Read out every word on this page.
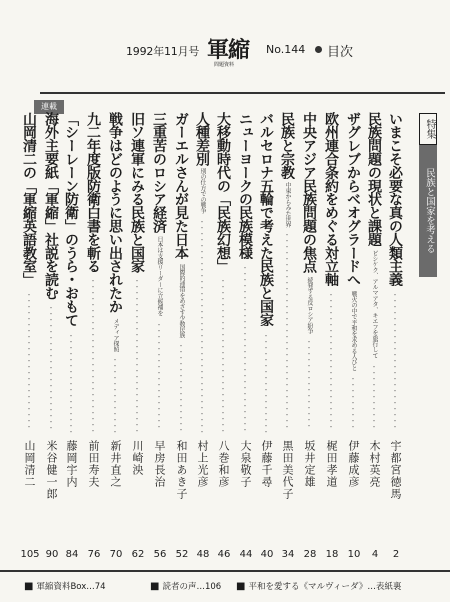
1992年11月号 軍縮
問題資料
No.144 目次
特集
民族と国家を考える
連載
いまこそ必要な真の人類主義
・・・・・・・・・・・・・・・・・・・・・・・
宇都宮徳馬
2
民族問題の現状と課題
ビシケク、アルマアタ、キエフを旅行して
・・・・・・・・・・・
木村英亮
4
ザグレブからベオグラードへ
戦火の中で平和を求める人びと
・・・・・・・・・
伊藤成彦
10
欧州連合条約をめぐる対立軸
・・・・・・・・・・・・・・・・・・・・・・・
梶田孝道
18
中央アジア民族問題の焦点
続発する反ロシア紛争
・・・・・・・・・・・・・・・
坂井定雄
28
民族と宗教
中東からみた世界
・・・・・・・・・・・・・・・・・・・・・・・・・・・・・・・・・
黒田美代子
34
バルセロナ五輪で考えた民族と国家
・・・・・・・・・・・・・・・・・
伊藤千尋
40
ニューヨークの民族模様
・・・・・・・・・・・・・・・・・・・・・・・・・・・・
大泉敬子
44
大移動時代の「民族幻想」
・・・・・・・・・・・・・・・・・・・・・・・・・・
八巻和彦
46
人種差別
別の仕方での戦争
・・・・・・・・・・・・・・・・・・・・・・・・・・・・・・・・・・・・
村上光彦
48
ガーエルさんが見た日本
国際的連帯をめざす少数民族
・・・・・・・・・・・・・・・
和田あき子
52
三重苦のロシア経済
日本は支援リーダーに立候補を
・・・・・・・・・・・・・・・・・・
早房長治
56
旧ソ連軍にみる民族と国家
・・・・・・・・・・・・・・・・・・・・・・・・・・
川崎泱
62
戦争はどのように思い出されたか
メディア探照
・・・・・・・・・・・・・
新井直之
70
九二年度版防衛白書を斬る
・・・・・・・・・・・・・・・・・・・・・・・・・・
前田寿夫
76
「シーレーン防衛」のうら・おもて
・・・・・・・・・・・・・・・・・
藤岡宇内
84
海外主要紙「軍縮」社説を読む
・・・・・・・・・・・・・・・・・・・・・
米谷健一郎
90
山岡清二の「軍縮英語教室」
・・・・・・・・・・・・・・・・・・・・・・・
山岡清二
105
■ 軍縮資料Box…74	■ 読者の声…106 ■ 平和を愛する《マルヴィーダ》…表紙裏
